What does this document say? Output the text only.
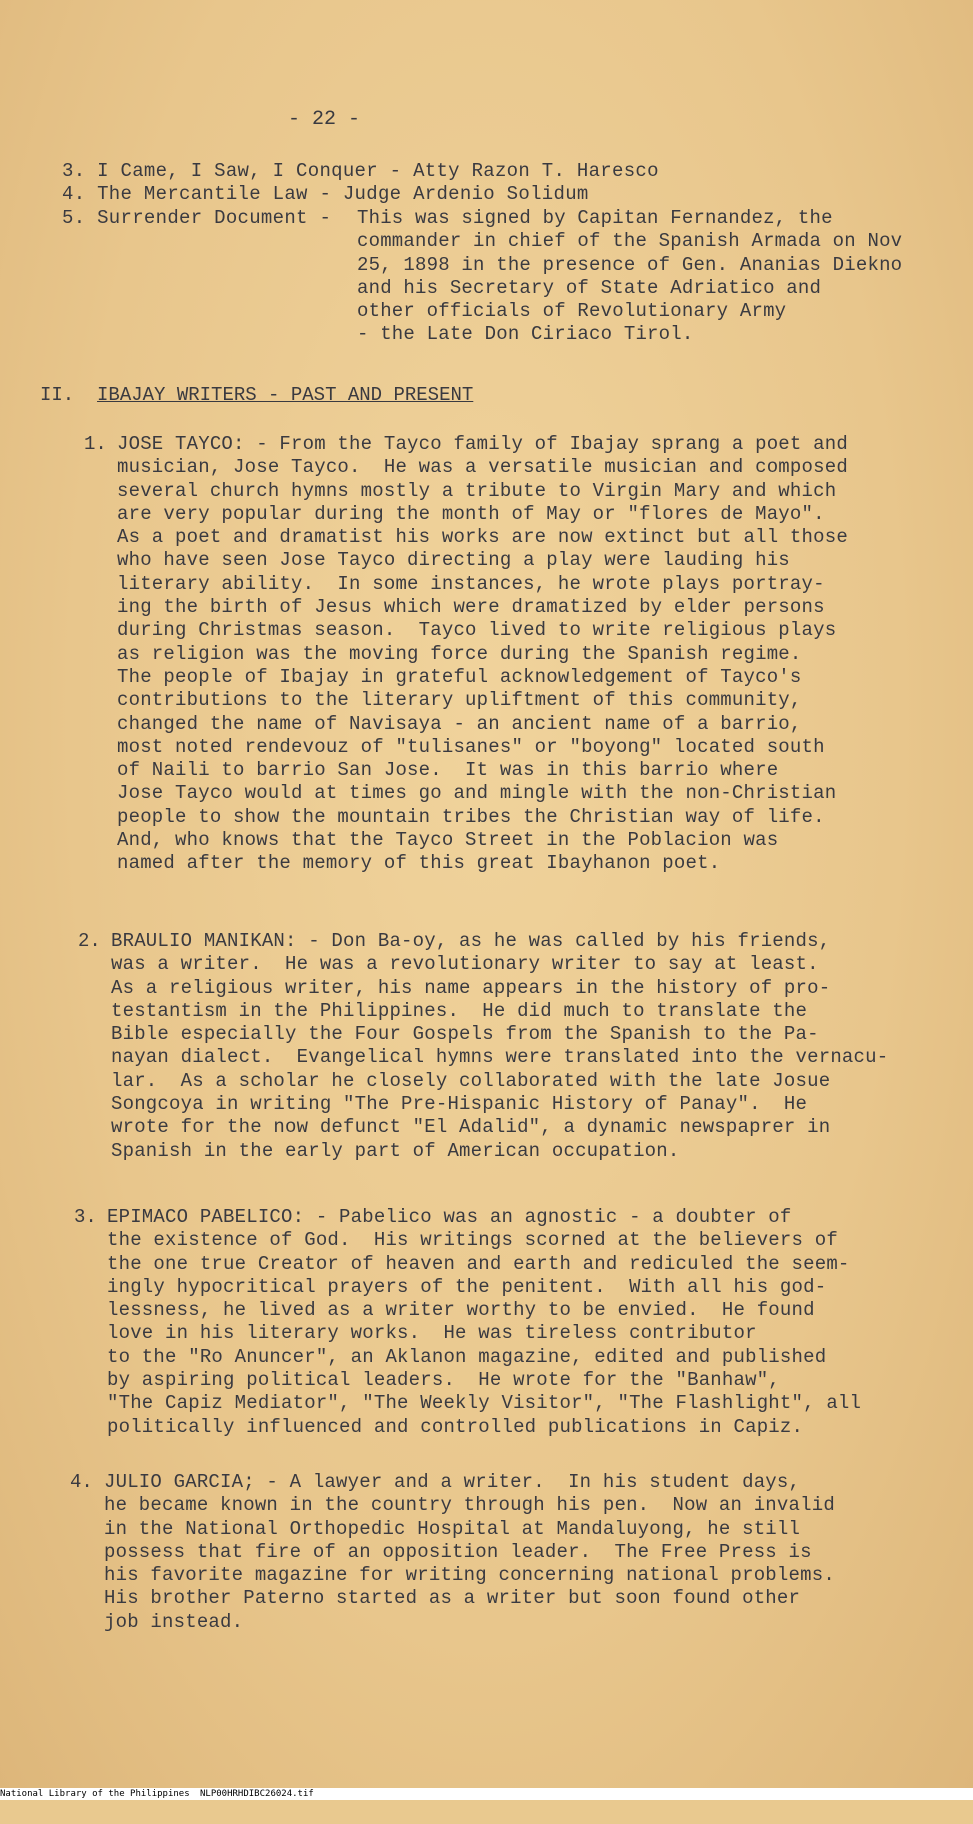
- 22 -
3. I Came, I Saw, I Conquer - Atty Razon T. Haresco
4. The Mercantile Law - Judge Ardenio Solidum
5. Surrender Document - This was signed by Capitan Fernandez, the
commander in chief of the Spanish Armada on Nov
25, 1898 in the presence of Gen. Ananias Diekno
and his Secretary of State Adriatico and
other officials of Revolutionary Army
- the Late Don Ciriaco Tirol.
II. IBAJAY WRITERS - PAST AND PRESENT
1. JOSE TAYCO: - From the Tayco family of Ibajay sprang a poet and
musician, Jose Tayco.  He was a versatile musician and composed
several church hymns mostly a tribute to Virgin Mary and which
are very popular during the month of May or "flores de Mayo".
As a poet and dramatist his works are now extinct but all those
who have seen Jose Tayco directing a play were lauding his
literary ability.  In some instances, he wrote plays portray-
ing the birth of Jesus which were dramatized by elder persons
during Christmas season.  Tayco lived to write religious plays
as religion was the moving force during the Spanish regime.
The people of Ibajay in grateful acknowledgement of Tayco's
contributions to the literary upliftment of this community,
changed the name of Navisaya - an ancient name of a barrio,
most noted rendevouz of "tulisanes" or "boyong" located south
of Naili to barrio San Jose.  It was in this barrio where
Jose Tayco would at times go and mingle with the non-Christian
people to show the mountain tribes the Christian way of life.
And, who knows that the Tayco Street in the Poblacion was
named after the memory of this great Ibayhanon poet.
2. BRAULIO MANIKAN: - Don Ba-oy, as he was called by his friends,
was a writer.  He was a revolutionary writer to say at least.
As a religious writer, his name appears in the history of pro-
testantism in the Philippines.  He did much to translate the
Bible especially the Four Gospels from the Spanish to the Pa-
nayan dialect.  Evangelical hymns were translated into the vernacu-
lar.  As a scholar he closely collaborated with the late Josue
Songcoya in writing "The Pre-Hispanic History of Panay".  He
wrote for the now defunct "El Adalid", a dynamic newspaprer in
Spanish in the early part of American occupation.
3. EPIMACO PABELICO: - Pabelico was an agnostic - a doubter of
the existence of God.  His writings scorned at the believers of
the one true Creator of heaven and earth and rediculed the seem-
ingly hypocritical prayers of the penitent.  With all his god-
lessness, he lived as a writer worthy to be envied.  He found
love in his literary works.  He was tireless contributor
to the "Ro Anuncer", an Aklanon magazine, edited and published
by aspiring political leaders.  He wrote for the "Banhaw",
"The Capiz Mediator", "The Weekly Visitor", "The Flashlight", all
politically influenced and controlled publications in Capiz.
4. JULIO GARCIA; - A lawyer and a writer.  In his student days,
he became known in the country through his pen.  Now an invalid
in the National Orthopedic Hospital at Mandaluyong, he still
possess that fire of an opposition leader.  The Free Press is
his favorite magazine for writing concerning national problems.
His brother Paterno started as a writer but soon found other
job instead.

National Library of the Philippines

NLP00HRHDIBC26024.tif
